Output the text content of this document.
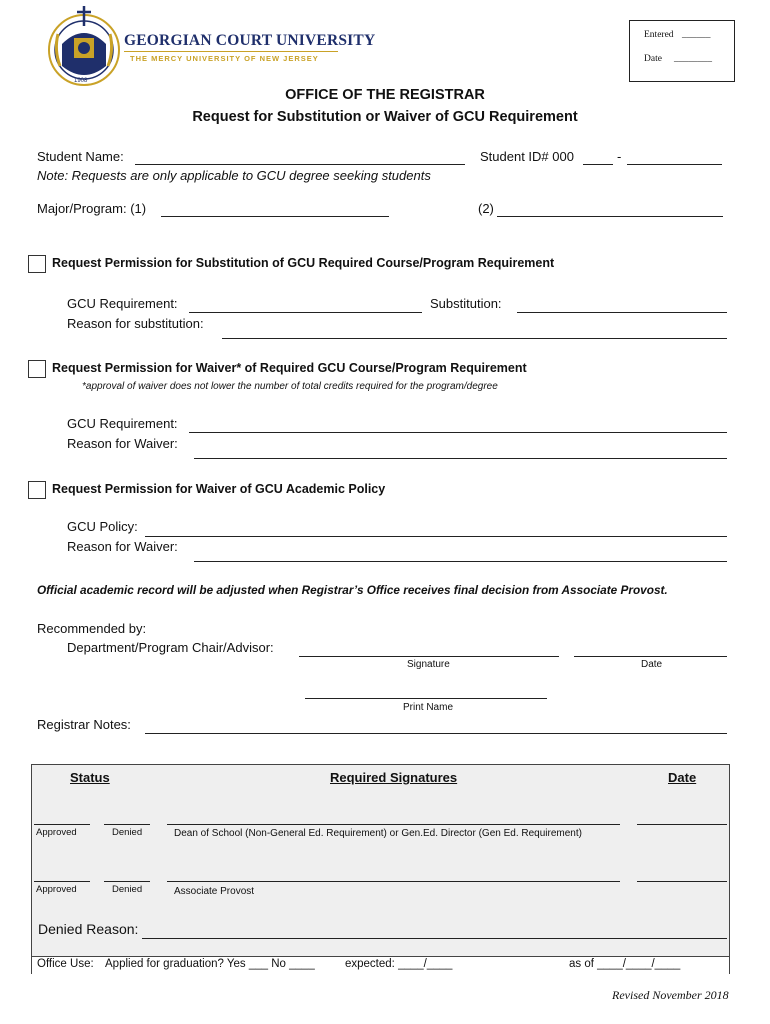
1908
GEORGIAN COURT UNIVERSITY
THE MERCY UNIVERSITY OF NEW JERSEY
Entered ______
Date ________
OFFICE OF THE REGISTRAR
Request for Substitution or Waiver of GCU Requirement
Student Name:	Student ID# 000	-
Note: Requests are only applicable to GCU degree seeking students
Major/Program: (1)	(2)
Request Permission for Substitution of GCU Required Course/Program Requirement
GCU Requirement:	Substitution:
Reason for substitution:
Request Permission for Waiver* of Required GCU Course/Program Requirement
*approval of waiver does not lower the number of total credits required for the program/degree
GCU Requirement:
Reason for Waiver:
Request Permission for Waiver of GCU Academic Policy
GCU Policy:
Reason for Waiver:
Official academic record will be adjusted when Registrar’s Office receives final decision from Associate Provost.
Recommended by:
Department/Program Chair/Advisor:
Signature	Date
Print Name
Registrar Notes:
Status	Required Signatures	Date
Approved	Denied	Dean of School (Non-General Ed. Requirement) or Gen.Ed. Director (Gen Ed. Requirement)
Approved	Denied	Associate Provost
Denied Reason:
Office Use: Applied for graduation? Yes ___ No ____	expected: ____/____	as of ____/____/____
Revised November 2018
